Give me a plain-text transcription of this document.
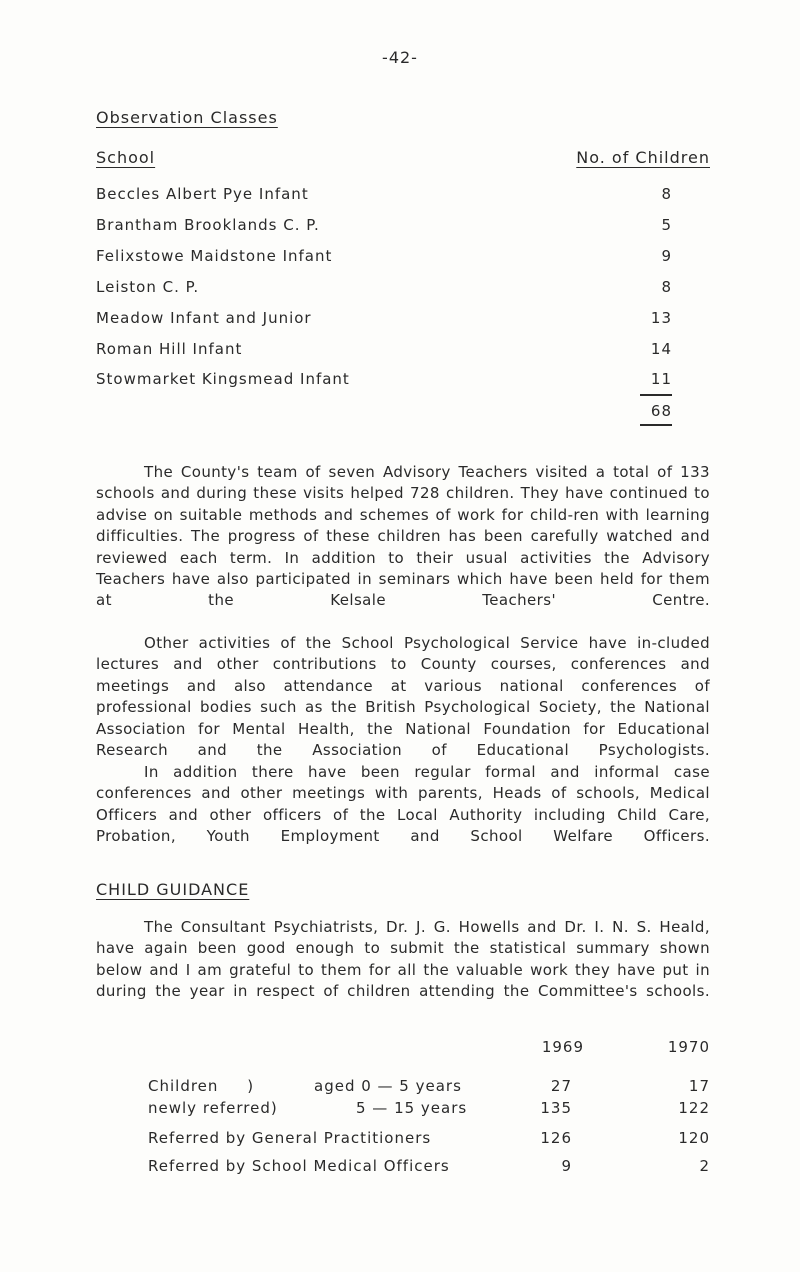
-42-
Observation Classes
School	No. of Children
Beccles Albert Pye Infant	8
Brantham Brooklands C. P.	5
Felixstowe Maidstone Infant	9
Leiston C. P.	8
Meadow Infant and Junior	13
Roman Hill Infant	14
Stowmarket Kingsmead Infant	11
68

The County's team of seven Advisory Teachers visited a total of 133 schools and during these visits helped 728 children. They have continued to advise on suitable methods and schemes of work for child-ren with learning difficulties. The progress of these children has been carefully watched and reviewed each term. In addition to their usual activities the Advisory Teachers have also participated in seminars which have been held for them at the Kelsale Teachers' Centre.

Other activities of the School Psychological Service have in-cluded lectures and other contributions to County courses, conferences and meetings and also attendance at various national conferences of professional bodies such as the British Psychological Society, the National Association for Mental Health, the National Foundation for Educational Research and the Association of Educational Psychologists.

In addition there have been regular formal and informal case conferences and other meetings with parents, Heads of schools, Medical Officers and other officers of the Local Authority including Child Care, Probation, Youth Employment and School Welfare Officers.

CHILD GUIDANCE

The Consultant Psychiatrists, Dr. J. G. Howells and Dr. I. N. S. Heald, have again been good enough to submit the statistical summary shown below and I am grateful to them for all the valuable work they have put in during the year in respect of children attending the Committee's schools.

1969	1970
Children     )
newly referred)
aged 0 — 5 years	27	17
5 — 15 years	135	122
Referred by General Practitioners	126	120
Referred by School Medical Officers	9	2
